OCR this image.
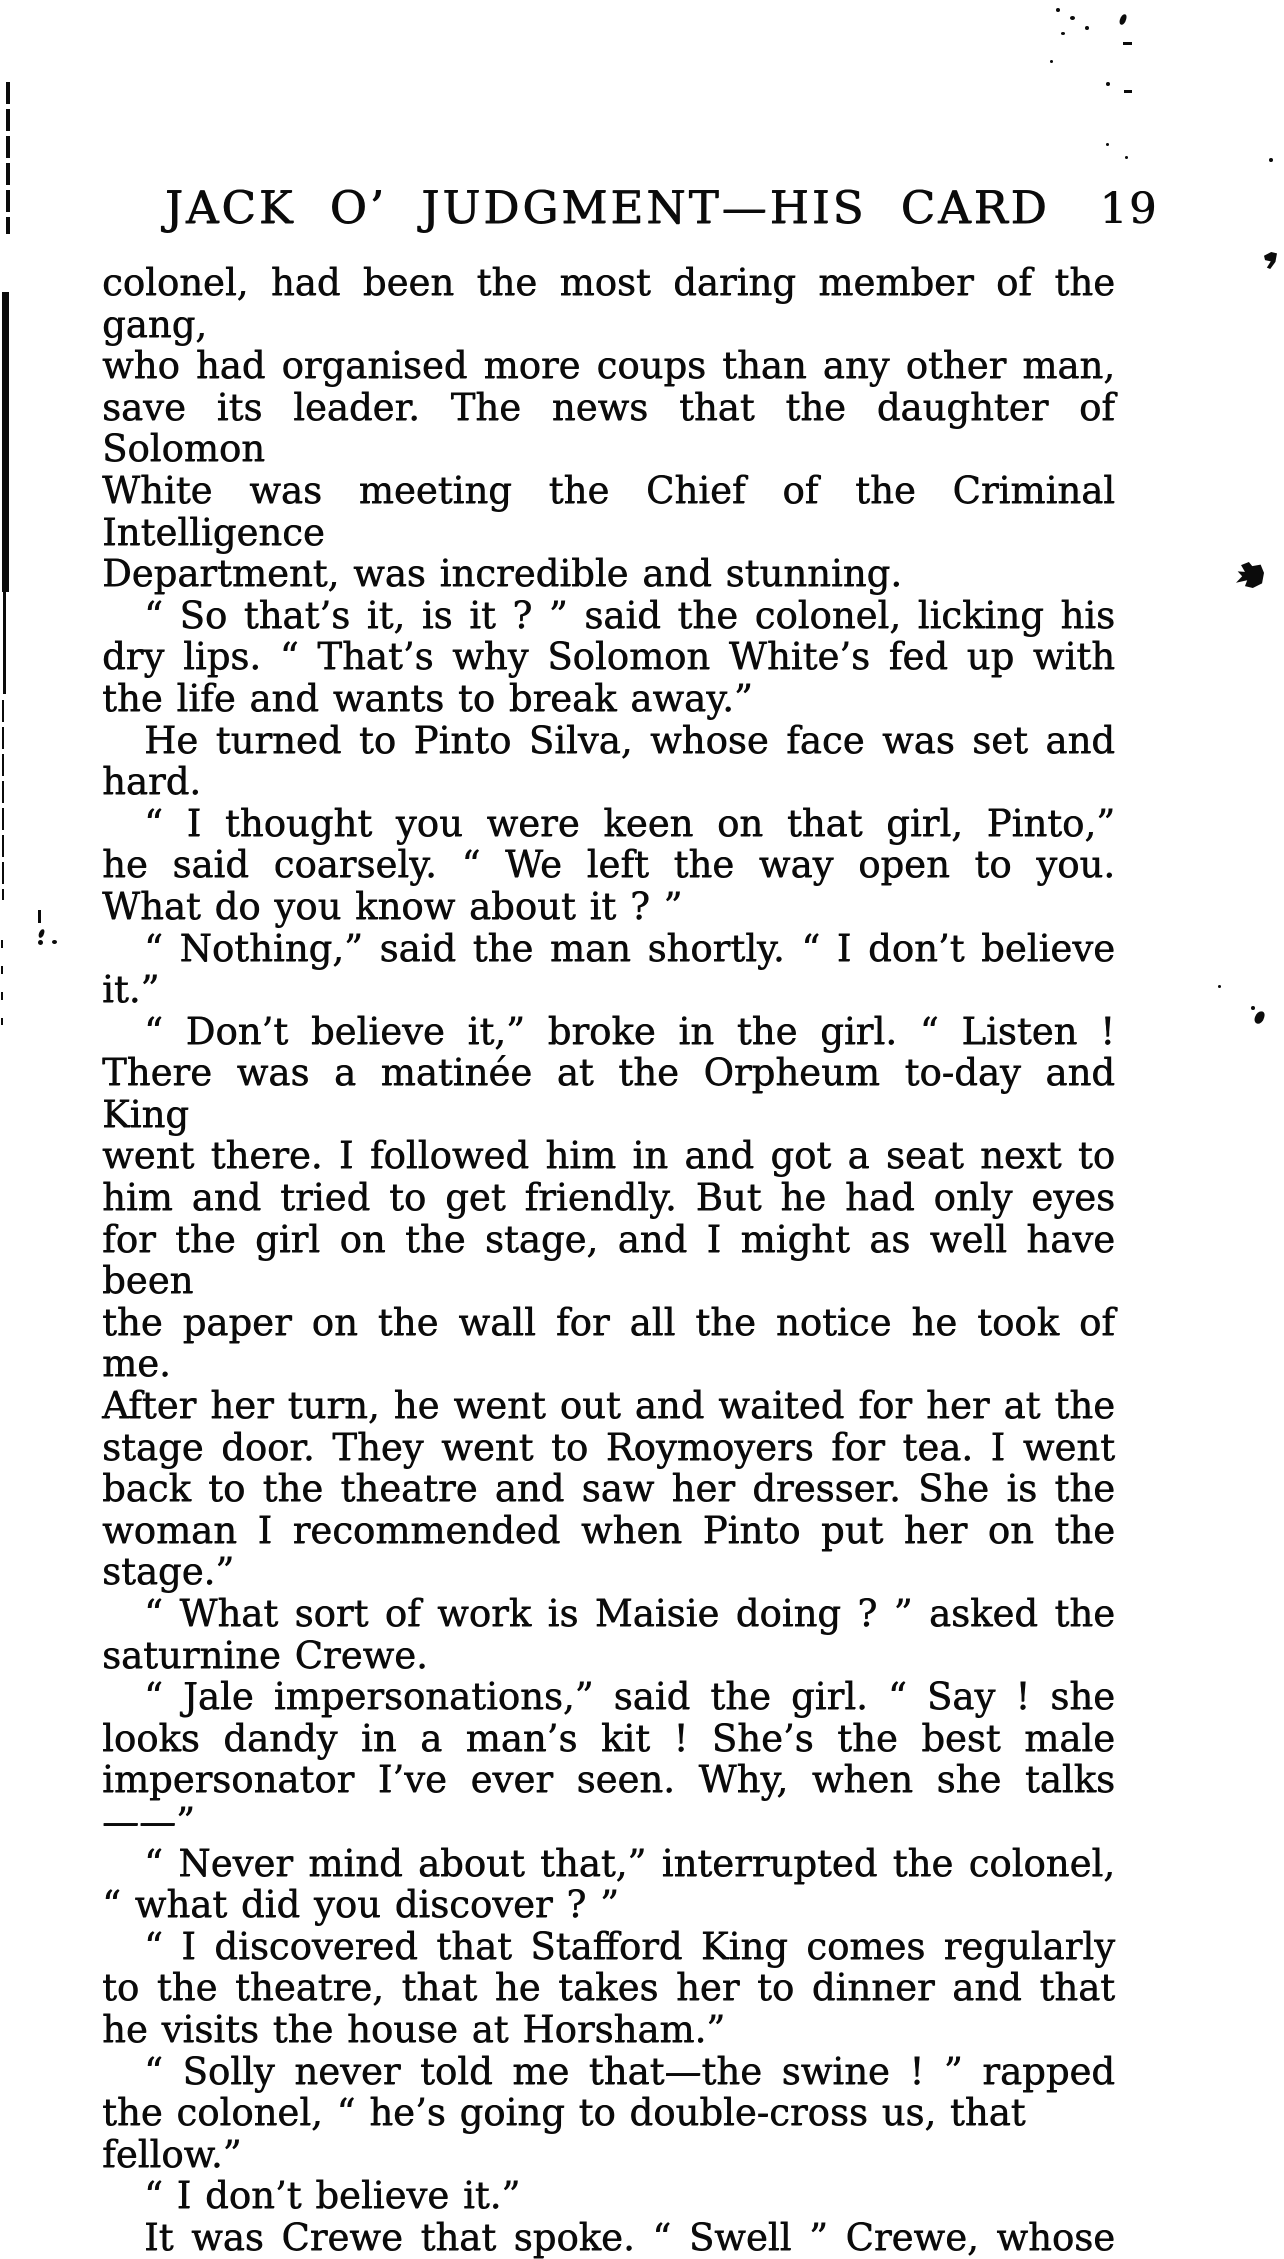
JACK O’ JUDGMENT—HIS CARD 19
colonel, had been the most daring member of the gang,
who had organised more coups than any other man,
save its leader. The news that the daughter of Solomon
White was meeting the Chief of the Criminal Intelligence
Department, was incredible and stunning.
“ So that’s it, is it ? ” said the colonel, licking his
dry lips. “ That’s why Solomon White’s fed up with
the life and wants to break away.”
He turned to Pinto Silva, whose face was set and
hard.
“ I thought you were keen on that girl, Pinto,”
he said coarsely. “ We left the way open to you.
What do you know about it ? ”
“ Nothing,” said the man shortly. “ I don’t believe
it.”
“ Don’t believe it,” broke in the girl. “ Listen !
There was a matinée at the Orpheum to-day and King
went there. I followed him in and got a seat next to
him and tried to get friendly. But he had only eyes
for the girl on the stage, and I might as well have been
the paper on the wall for all the notice he took of me.
After her turn, he went out and waited for her at the
stage door. They went to Roymoyers for tea. I went
back to the theatre and saw her dresser. She is the
woman I recommended when Pinto put her on the
stage.”
“ What sort of work is Maisie doing ? ” asked the
saturnine Crewe.
“ Jale impersonations,” said the girl. “ Say ! she
looks dandy in a man’s kit ! She’s the best male
impersonator I’ve ever seen. Why, when she talks——”
“ Never mind about that,” interrupted the colonel,
“ what did you discover ? ”
“ I discovered that Stafford King comes regularly
to the theatre, that he takes her to dinner and that
he visits the house at Horsham.”
“ Solly never told me that—the swine ! ” rapped
the colonel, “ he’s going to double-cross us, that fellow.”
“ I don’t believe it.”
It was Crewe that spoke. “ Swell ” Crewe, whose
